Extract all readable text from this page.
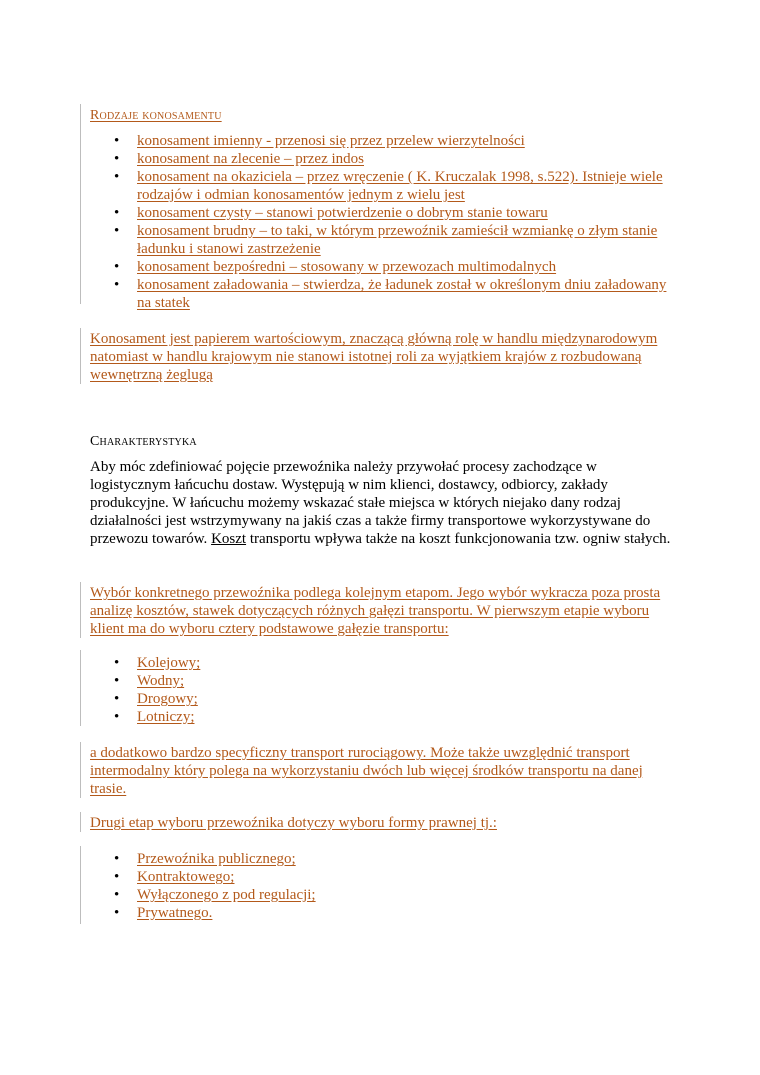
Rodzaje konosamentu
• konosament imienny - przenosi się przez przelew wierzytelności
• konosament na zlecenie – przez indos
• konosament na okaziciela – przez wręczenie ( K. Kruczalak 1998, s.522). Istnieje wiele rodzajów i odmian konosamentów jednym z wielu jest
• konosament czysty – stanowi potwierdzenie o dobrym stanie towaru
• konosament brudny – to taki, w którym przewoźnik zamieścił wzmiankę o złym stanie ładunku i stanowi zastrzeżenie
• konosament bezpośredni – stosowany w przewozach multimodalnych
• konosament załadowania – stwierdza, że ładunek został w określonym dniu załadowany na statek

Konosament jest papierem wartościowym, znaczącą główną rolę w handlu międzynarodowym natomiast w handlu krajowym nie stanowi istotnej roli za wyjątkiem krajów z rozbudowaną wewnętrzną żeglugą

Charakterystyka

Aby móc zdefiniować pojęcie przewoźnika należy przywołać procesy zachodzące w logistycznym łańcuchu dostaw. Występują w nim klienci, dostawcy, odbiorcy, zakłady produkcyjne. W łańcuchu możemy wskazać stałe miejsca w których niejako dany rodzaj działalności jest wstrzymywany na jakiś czas a także firmy transportowe wykorzystywane do przewozu towarów. Koszt transportu wpływa także na koszt funkcjonowania tzw. ogniw stałych.

Wybór konkretnego przewoźnika podlega kolejnym etapom. Jego wybór wykracza poza prosta analizę kosztów, stawek dotyczących różnych gałęzi transportu. W pierwszym etapie wyboru klient ma do wyboru cztery podstawowe gałęzie transportu:

• Kolejowy;
• Wodny;
• Drogowy;
• Lotniczy;

a dodatkowo bardzo specyficzny transport rurociągowy. Może także uwzględnić transport intermodalny który polega na wykorzystaniu dwóch lub więcej środków transportu na danej trasie.

Drugi etap wyboru przewoźnika dotyczy wyboru formy prawnej tj.:

• Przewoźnika publicznego;
• Kontraktowego;
• Wyłączonego z pod regulacji;
• Prywatnego.
